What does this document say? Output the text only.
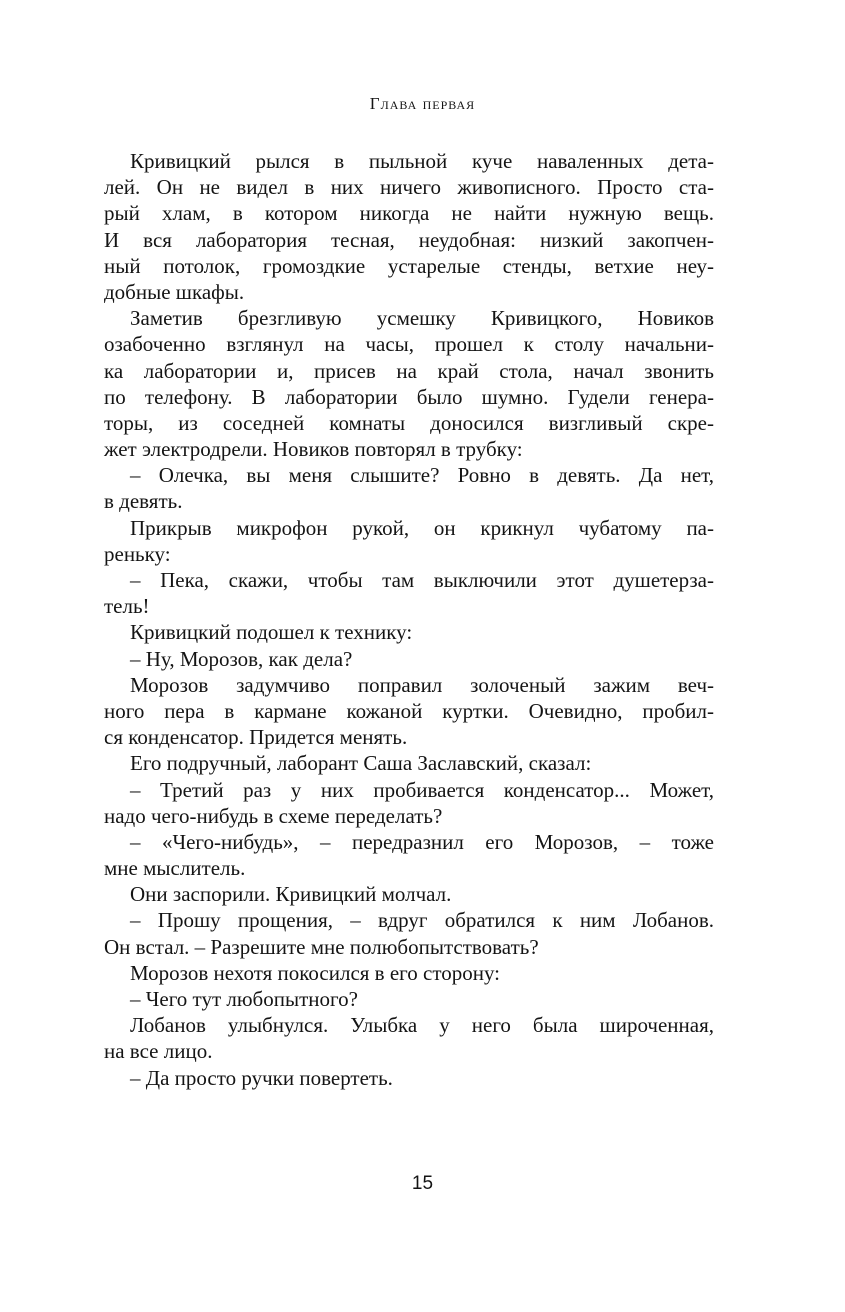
Глава первая
Кривицкий рылся в пыльной куче наваленных дета-
лей. Он не видел в них ничего живописного. Просто ста-
рый хлам, в котором никогда не найти нужную вещь.
И вся лаборатория тесная, неудобная: низкий закопчен-
ный потолок, громоздкие устарелые стенды, ветхие неу-
добные шкафы.
Заметив брезгливую усмешку Кривицкого, Новиков
озабоченно взглянул на часы, прошел к столу начальни-
ка лаборатории и, присев на край стола, начал звонить
по телефону. В лаборатории было шумно. Гудели генера-
торы, из соседней комнаты доносился визгливый скре-
жет электродрели. Новиков повторял в трубку:
– Олечка, вы меня слышите? Ровно в девять. Да нет,
в девять.
Прикрыв микрофон рукой, он крикнул чубатому па-
реньку:
– Пека, скажи, чтобы там выключили этот душетерза-
тель!
Кривицкий подошел к технику:
– Ну, Морозов, как дела?
Морозов задумчиво поправил золоченый зажим веч-
ного пера в кармане кожаной куртки. Очевидно, пробил-
ся конденсатор. Придется менять.
Его подручный, лаборант Саша Заславский, сказал:
– Третий раз у них пробивается конденсатор... Может,
надо чего-нибудь в схеме переделать?
– «Чего-нибудь», – передразнил его Морозов, – тоже
мне мыслитель.
Они заспорили. Кривицкий молчал.
– Прошу прощения, – вдруг обратился к ним Лобанов.
Он встал. – Разрешите мне полюбопытствовать?
Морозов нехотя покосился в его сторону:
– Чего тут любопытного?
Лобанов улыбнулся. Улыбка у него была широченная,
на все лицо.
– Да просто ручки повертеть.
15
